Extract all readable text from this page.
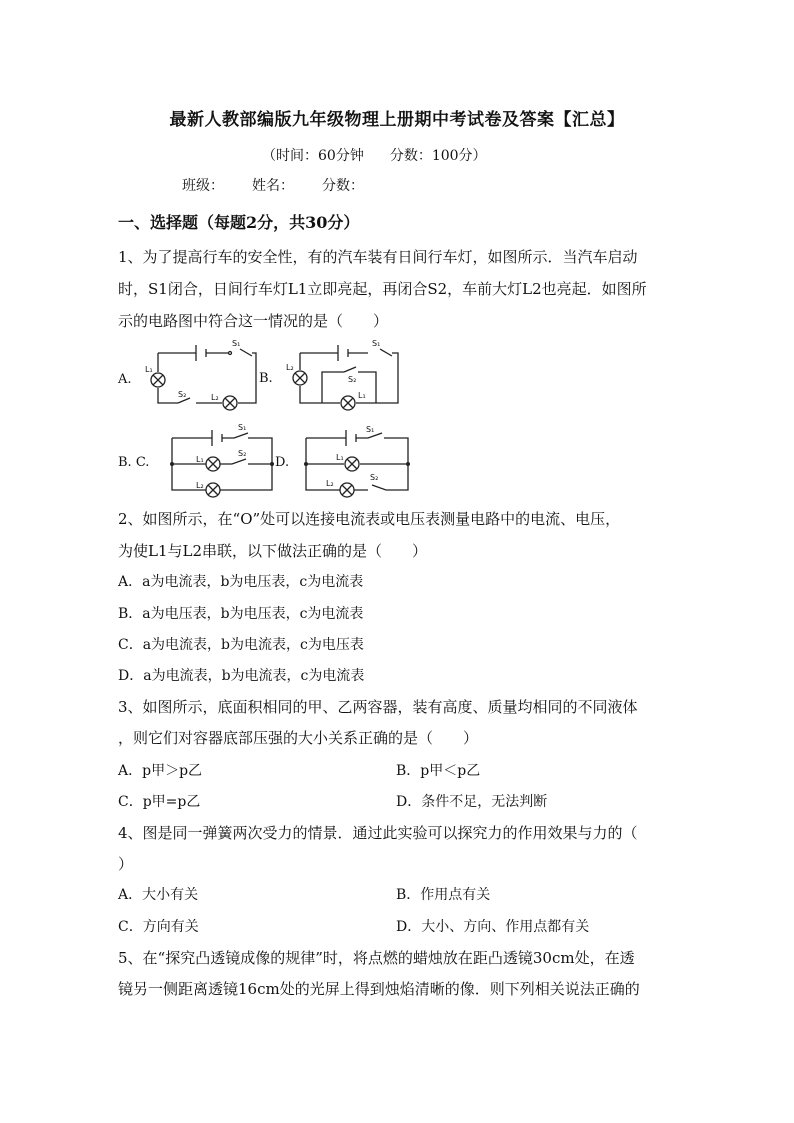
最新人教部编版九年级物理上册期中考试卷及答案【汇总】
（时间：60分钟 分数：100分）
班级： 姓名： 分数：
一、选择题（每题2分，共30分）
1、为了提高行车的安全性，有的汽车装有日间行车灯，如图所示．当汽车启动
时，S1闭合，日间行车灯L1立即亮起，再闭合S2，车前大灯L2也亮起．如图所
示的电路图中符合这一情况的是（　　）
A.	B.
B. C.	D.
S₁
L₁
S₂	L₂
S₁
L₂
S₂
L₁
S₁
L₁
S₂
L₂
S₁
L₁
S₂
L₂
2、如图所示，在“O”处可以连接电流表或电压表测量电路中的电流、电压，
为使L1与L2串联，以下做法正确的是（　　）
A．a为电流表，b为电压表，c为电流表
B．a为电压表，b为电压表，c为电流表
C．a为电流表，b为电流表，c为电压表
D．a为电流表，b为电流表，c为电流表
3、如图所示，底面积相同的甲、乙两容器，装有高度、质量均相同的不同液体
，则它们对容器底部压强的大小关系正确的是（　　）
A．p甲＞p乙	B．p甲＜p乙
C．p甲=p乙	D．条件不足，无法判断
4、图是同一弹簧两次受力的情景．通过此实验可以探究力的作用效果与力的（
）
A．大小有关	B．作用点有关
C．方向有关	D．大小、方向、作用点都有关
5、在“探究凸透镜成像的规律”时，将点燃的蜡烛放在距凸透镜30cm处，在透
镜另一侧距离透镜16cm处的光屏上得到烛焰清晰的像．则下列相关说法正确的
